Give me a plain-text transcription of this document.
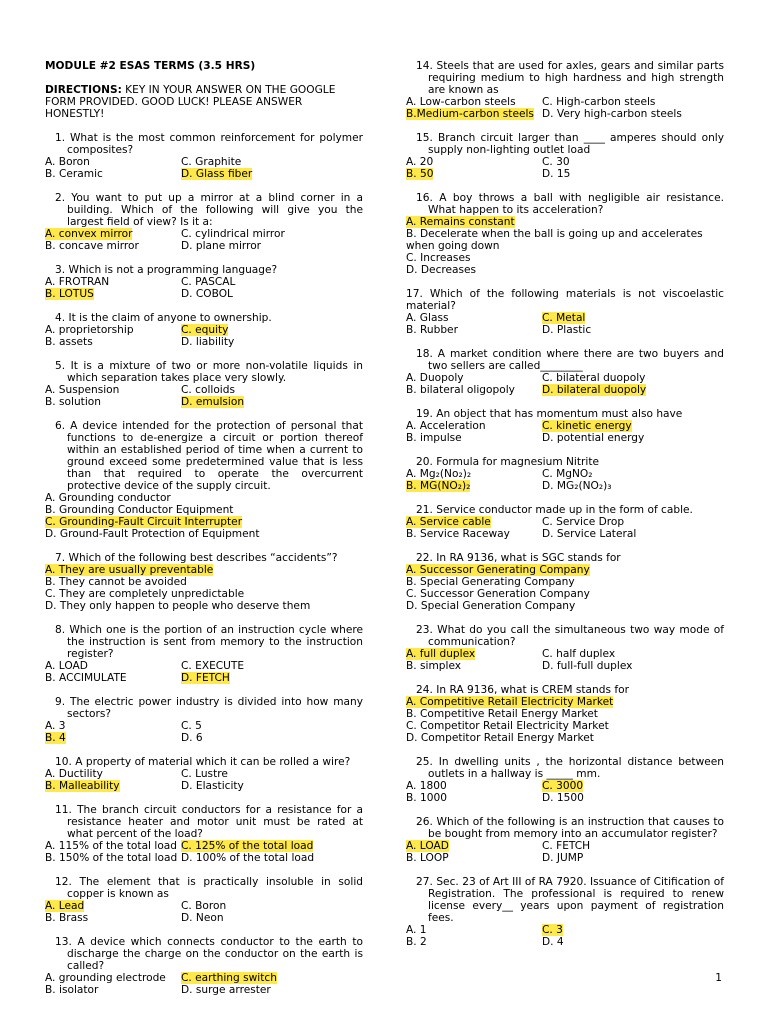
MODULE #2 ESAS TERMS (3.5 HRS)
DIRECTIONS: KEY IN YOUR ANSWER ON THE GOOGLE FORM PROVIDED. GOOD LUCK! PLEASE ANSWER HONESTLY!
1. What is the most common reinforcement for polymer composites?
A. Boron	C. Graphite
B. Ceramic	D. Glass fiber
2. You want to put up a mirror at a blind corner in a building. Which of the following will give you the largest field of view? Is it a:
A. convex mirror	C. cylindrical mirror
B. concave mirror	D. plane mirror
3. Which is not a programming language?
A. FROTRAN	C. PASCAL
B. LOTUS	D. COBOL
4. It is the claim of anyone to ownership.
A. proprietorship	C. equity
B. assets	D. liability
5. It is a mixture of two or more non-volatile liquids in which separation takes place very slowly.
A. Suspension	C. colloids
B. solution	D. emulsion
6. A device intended for the protection of personal that functions to de-energize a circuit or portion thereof within an established period of time when a current to ground exceed some predetermined value that is less than that required to operate the overcurrent protective device of the supply circuit.
A. Grounding conductor
B. Grounding Conductor Equipment
C. Grounding-Fault Circuit Interrupter
D. Ground-Fault Protection of Equipment
7. Which of the following best describes “accidents”?
A. They are usually preventable
B. They cannot be avoided
C. They are completely unpredictable
D. They only happen to people who deserve them
8. Which one is the portion of an instruction cycle where the instruction is sent from memory to the instruction register?
A. LOAD	C. EXECUTE
B. ACCIMULATE	D. FETCH
9. The electric power industry is divided into how many sectors?
A. 3	C. 5
B. 4	D. 6
10. A property of material which it can be rolled a wire?
A. Ductility	C. Lustre
B. Malleability	D. Elasticity
11. The branch circuit conductors for a resistance for a resistance heater and motor unit must be rated at what percent of the load?
A. 115% of the total load C. 125% of the total load
B. 150% of the total load D. 100% of the total load
12. The element that is practically insoluble in solid copper is known as
A. Lead	C. Boron
B. Brass	D. Neon
13. A device which connects conductor to the earth to discharge the charge on the conductor on the earth is called?
A. grounding electrode	C. earthing switch
B. isolator	D. surge arrester
14. Steels that are used for axles, gears and similar parts requiring medium to high hardness and high strength are known as
A. Low-carbon steels	C. High-carbon steels
B.Medium-carbon steels D. Very high-carbon steels
15. Branch circuit larger than ____ amperes should only supply non-lighting outlet load
A. 20	C. 30
B. 50	D. 15
16. A boy throws a ball with negligible air resistance. What happen to its acceleration?
A. Remains constant
B. Decelerate when the ball is going up and accelerates when going down
C. Increases
D. Decreases
17. Which of the following materials is not viscoelastic material?
A. Glass	C. Metal
B. Rubber	D. Plastic
18. A market condition where there are two buyers and two sellers are called________
A. Duopoly	C. bilateral duopoly
B. bilateral oligopoly	D. bilateral duopoly
19. An object that has momentum must also have
A. Acceleration	C. kinetic energy
B. impulse	D. potential energy
20. Formula for magnesium Nitrite
A. Mg₂(No₂)₂	C. MgNO₂
B. MG(NO₂)₂	D. MG₂(NO₂)₃
21. Service conductor made up in the form of cable.
A. Service cable	C. Service Drop
B. Service Raceway	D. Service Lateral
22. In RA 9136, what is SGC stands for
A. Successor Generating Company
B. Special Generating Company
C. Successor Generation Company
D. Special Generation Company
23. What do you call the simultaneous two way mode of communication?
A. full duplex	C. half duplex
B. simplex	D. full-full duplex
24. In RA 9136, what is CREM stands for
A. Competitive Retail Electricity Market
B. Competitive Retail Energy Market
C. Competitor Retail Electricity Market
D. Competitor Retail Energy Market
25. In dwelling units , the horizontal distance between outlets in a hallway is _____ mm.
A. 1800	C. 3000
B. 1000	D. 1500
26. Which of the following is an instruction that causes to be bought from memory into an accumulator register?
A. LOAD	C. FETCH
B. LOOP	D. JUMP
27. Sec. 23 of Art III of RA 7920. Issuance of Citification of Registration. The professional is required to renew license every__ years upon payment of registration fees.
A. 1	C. 3
B. 2	D. 4
1
